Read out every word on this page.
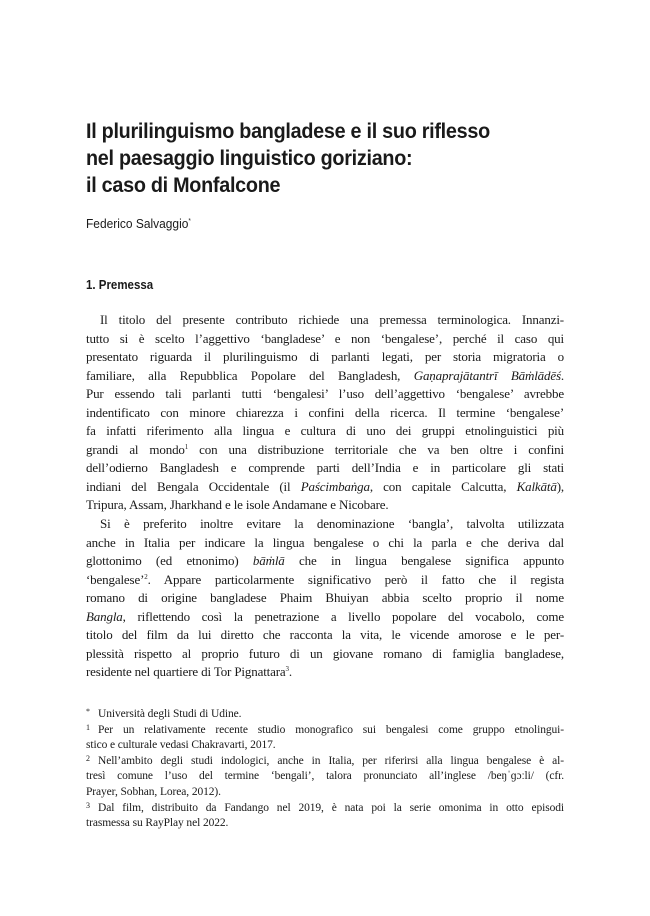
Il plurilinguismo bangladese e il suo riflesso
nel paesaggio linguistico goriziano:
il caso di Monfalcone
Federico Salvaggio*
1. Premessa
Il titolo del presente contributo richiede una premessa terminologica. Innanzi-
tutto si è scelto l’aggettivo ‘bangladese’ e non ‘bengalese’, perché il caso qui
presentato riguarda il plurilinguismo di parlanti legati, per storia migratoria o
familiare, alla Repubblica Popolare del Bangladesh, Gaṇaprajātantrī Bāṁlādēś.
Pur essendo tali parlanti tutti ‘bengalesi’ l’uso dell’aggettivo ‘bengalese’ avrebbe
indentificato con minore chiarezza i confini della ricerca. Il termine ‘bengalese’
fa infatti riferimento alla lingua e cultura di uno dei gruppi etnolinguistici più
grandi al mondo$^1$ con una distribuzione territoriale che va ben oltre i confini
dell’odierno Bangladesh e comprende parti dell’India e in particolare gli stati
indiani del Bengala Occidentale (il Paścimbaṅga, con capitale Calcutta, Kalkātā),
Tripura, Assam, Jharkhand e le isole Andamane e Nicobare.
Si è preferito inoltre evitare la denominazione ‘bangla’, talvolta utilizzata
anche in Italia per indicare la lingua bengalese o chi la parla e che deriva dal
glottonimo (ed etnonimo) bāṁlā che in lingua bengalese significa appunto
‘bengalese’$^2$. Appare particolarmente significativo però il fatto che il regista
romano di origine bangladese Phaim Bhuiyan abbia scelto proprio il nome
Bangla, riflettendo così la penetrazione a livello popolare del vocabolo, come
titolo del film da lui diretto che racconta la vita, le vicende amorose e le per-
plessità rispetto al proprio futuro di un giovane romano di famiglia bangladese,
residente nel quartiere di Tor Pignattara$^3$.
* Università degli Studi di Udine.
1 Per un relativamente recente studio monografico sui bengalesi come gruppo etnolingui-
stico e culturale vedasi Chakravarti, 2017.
2 Nell’ambito degli studi indologici, anche in Italia, per riferirsi alla lingua bengalese è al-
tresì comune l’uso del termine ‘bengali’, talora pronunciato all’inglese /beŋˈɡɔːli/ (cfr.
Prayer, Sobhan, Lorea, 2012).
3 Dal film, distribuito da Fandango nel 2019, è nata poi la serie omonima in otto episodi
trasmessa su RayPlay nel 2022.
